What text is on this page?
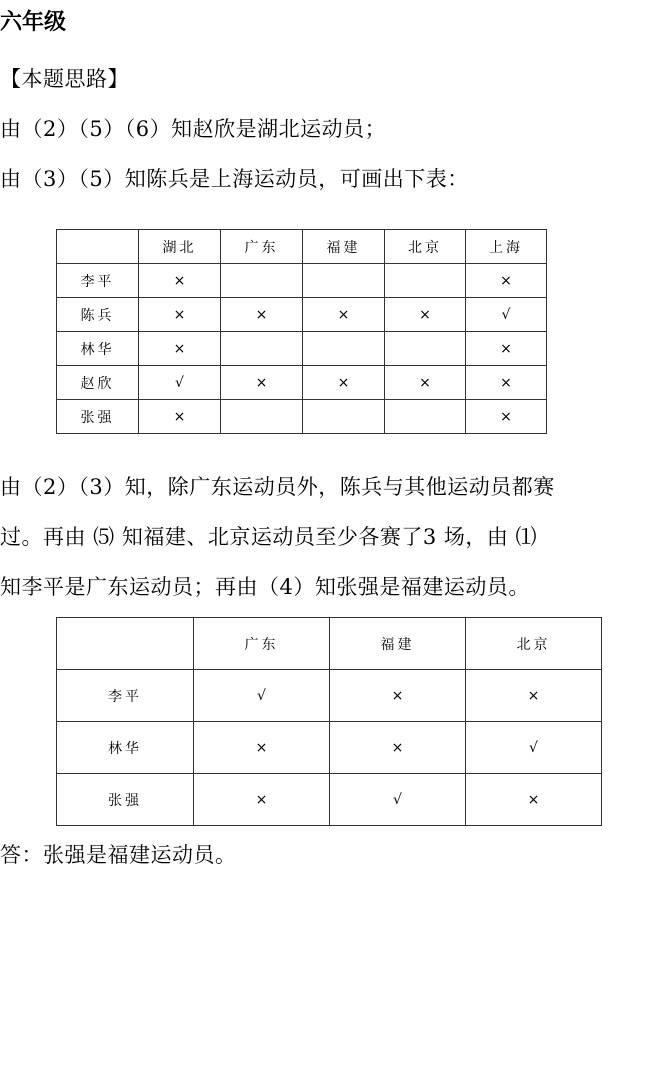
六年级
【本题思路】
由（2）（5）（6）知赵欣是湖北运动员；
由（3）（5）知陈兵是上海运动员，可画出下表：
	湖北	广东	福建	北京	上海
李平	×				×
陈兵	×	×	×	×	√
林华	×				×
赵欣	√	×	×	×	×
张强	×				×
由（2）（3）知，除广东运动员外，陈兵与其他运动员都赛
过。再由 ⑸ 知福建、北京运动员至少各赛了3 场，由 ⑴
知李平是广东运动员；再由（4）知张强是福建运动员。
	广东	福建	北京
李平	√	×	×
林华	×	×	√
张强	×	√	×
答：张强是福建运动员。
